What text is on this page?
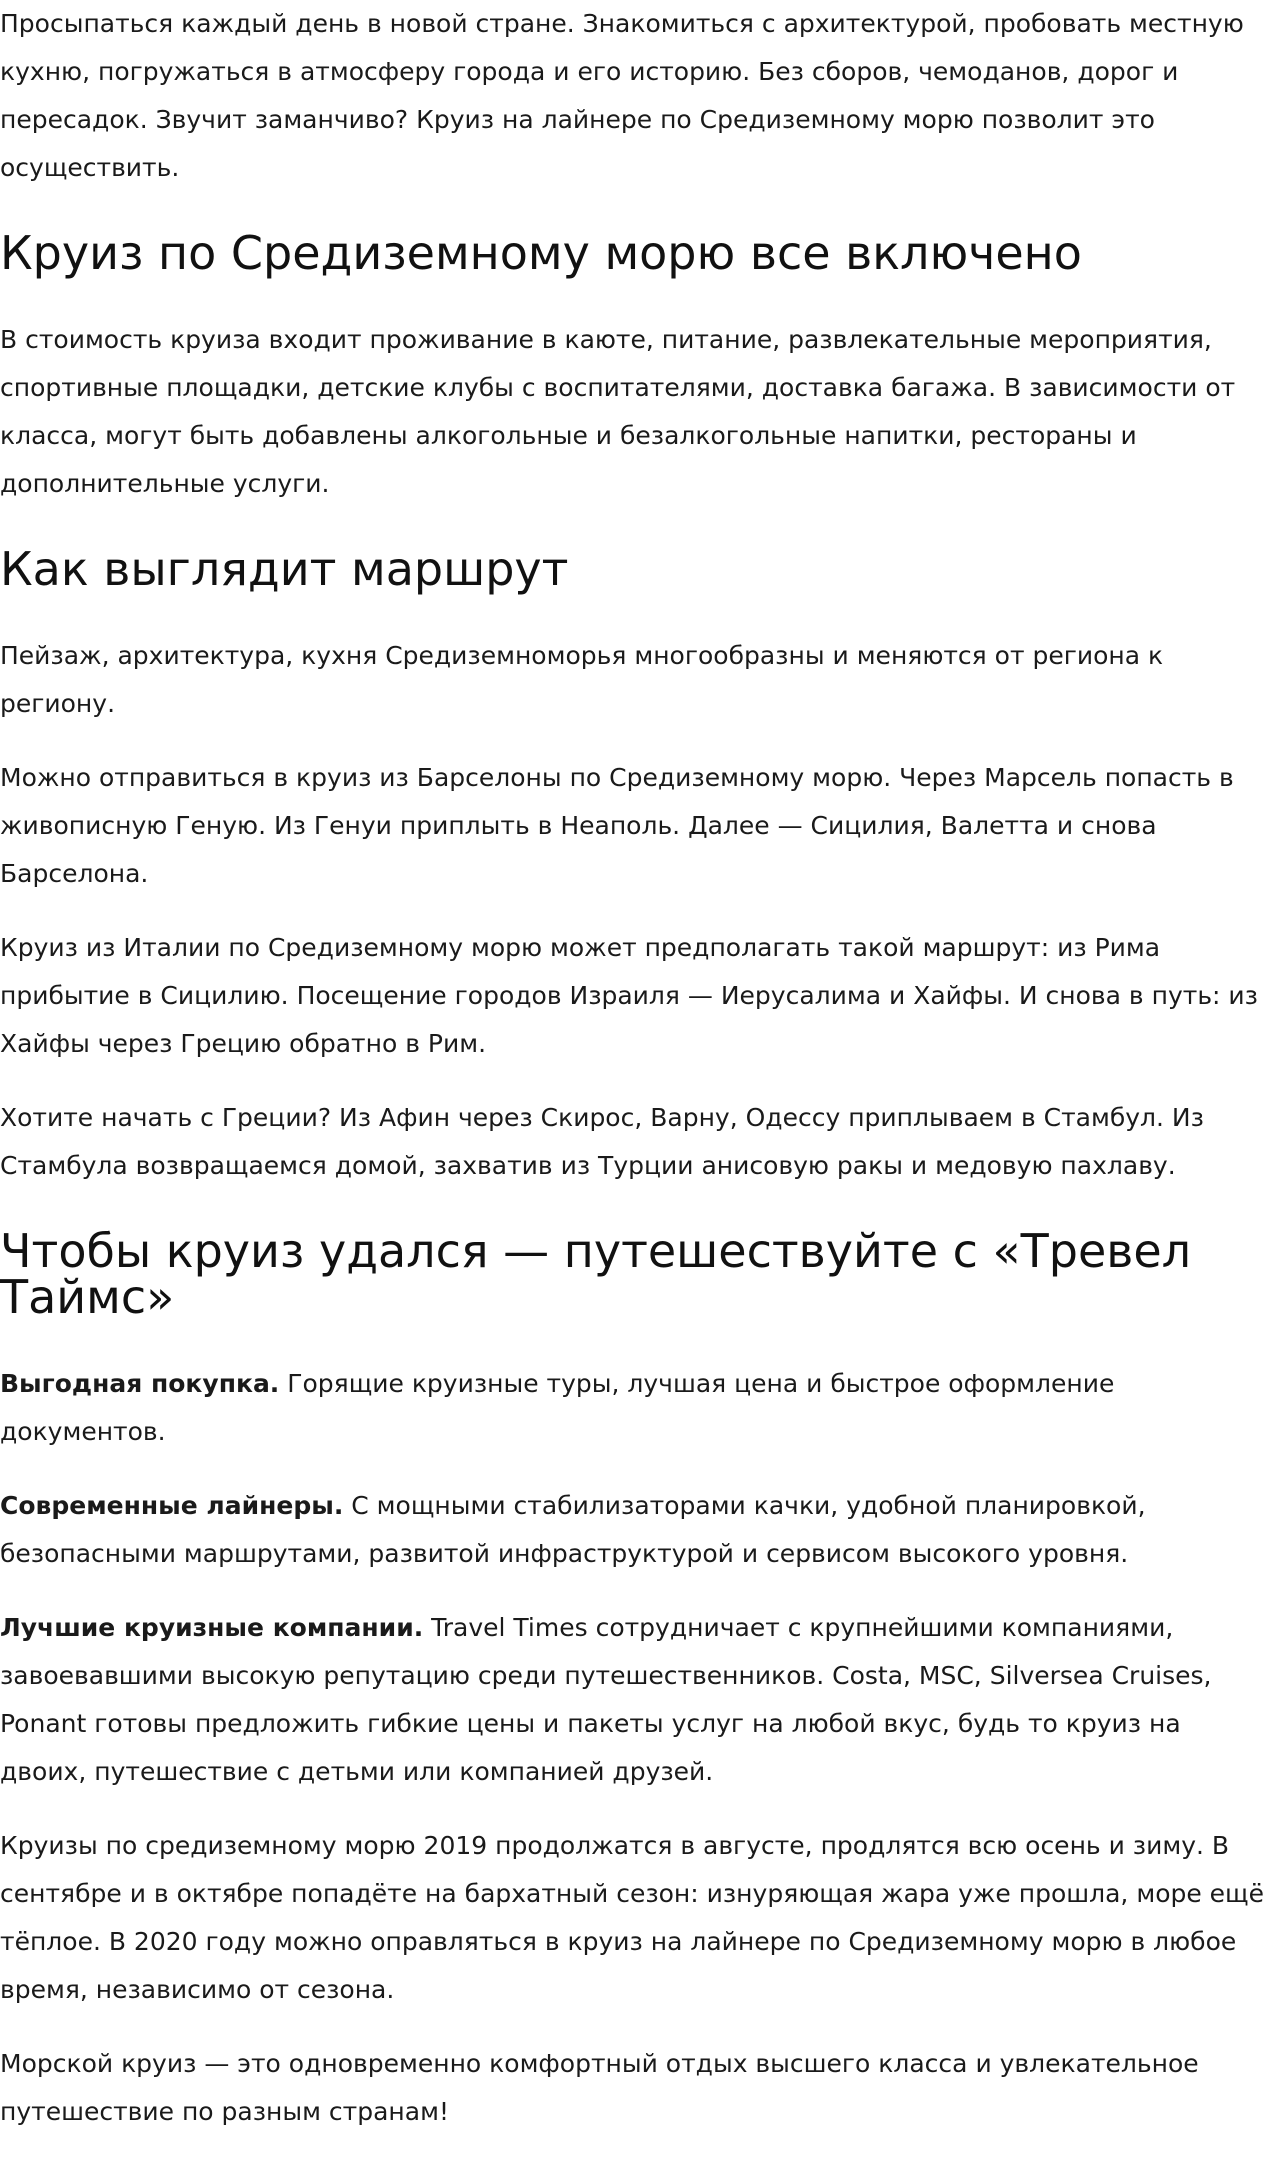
Просыпаться каждый день в новой стране. Знакомиться с архитектурой, пробовать местную кухню, погружаться в атмосферу города и его историю. Без сборов, чемоданов, дорог и пересадок. Звучит заманчиво? Круиз на лайнере по Средиземному морю позволит это осуществить.

Круиз по Средиземному морю все включено

В стоимость круиза входит проживание в каюте, питание, развлекательные мероприятия, спортивные площадки, детские клубы с воспитателями, доставка багажа. В зависимости от класса, могут быть добавлены алкогольные и безалкогольные напитки, рестораны и дополнительные услуги.

Как выглядит маршрут

Пейзаж, архитектура, кухня Средиземноморья многообразны и меняются от региона к региону.

Можно отправиться в круиз из Барселоны по Средиземному морю. Через Марсель попасть в живописную Геную. Из Генуи приплыть в Неаполь. Далее — Сицилия, Валетта и снова Барселона.

Круиз из Италии по Средиземному морю может предполагать такой маршрут: из Рима прибытие в Сицилию. Посещение городов Израиля — Иерусалима и Хайфы. И снова в путь: из Хайфы через Грецию обратно в Рим.

Хотите начать с Греции? Из Афин через Скирос, Варну, Одессу приплываем в Стамбул. Из Стамбула возвращаемся домой, захватив из Турции анисовую ракы и медовую пахлаву.

Чтобы круиз удался — путешествуйте с «Тревел Таймс»

Выгодная покупка. Горящие круизные туры, лучшая цена и быстрое оформление документов.

Современные лайнеры. С мощными стабилизаторами качки, удобной планировкой, безопасными маршрутами, развитой инфраструктурой и сервисом высокого уровня.

Лучшие круизные компании. Travel Times сотрудничает с крупнейшими компаниями, завоевавшими высокую репутацию среди путешественников. Costa, MSC, Silversea Cruises, Ponant готовы предложить гибкие цены и пакеты услуг на любой вкус, будь то круиз на двоих, путешествие с детьми или компанией друзей.

Круизы по средиземному морю 2019 продолжатся в августе, продлятся всю осень и зиму. В сентябре и в октябре попадёте на бархатный сезон: изнуряющая жара уже прошла, море ещё тёплое. В 2020 году можно оправляться в круиз на лайнере по Средиземному морю в любое время, независимо от сезона.

Морской круиз — это одновременно комфортный отдых высшего класса и увлекательное путешествие по разным странам!
